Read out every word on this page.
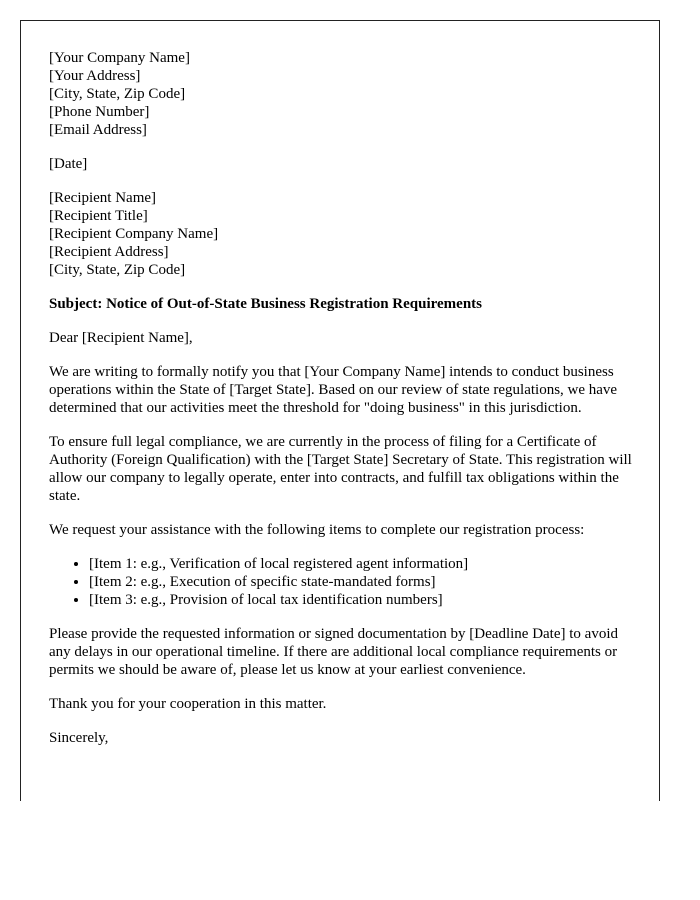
[Your Company Name]
[Your Address]
[City, State, Zip Code]
[Phone Number]
[Email Address]
[Date]
[Recipient Name]
[Recipient Title]
[Recipient Company Name]
[Recipient Address]
[City, State, Zip Code]
Subject: Notice of Out-of-State Business Registration Requirements

Dear [Recipient Name],

We are writing to formally notify you that [Your Company Name] intends to conduct business operations within the State of [Target State]. Based on our review of state regulations, we have determined that our activities meet the threshold for "doing business" in this jurisdiction.

To ensure full legal compliance, we are currently in the process of filing for a Certificate of Authority (Foreign Qualification) with the [Target State] Secretary of State. This registration will allow our company to legally operate, enter into contracts, and fulfill tax obligations within the state.

We request your assistance with the following items to complete our registration process:

• [Item 1: e.g., Verification of local registered agent information]
• [Item 2: e.g., Execution of specific state-mandated forms]
• [Item 3: e.g., Provision of local tax identification numbers]

Please provide the requested information or signed documentation by [Deadline Date] to avoid any delays in our operational timeline. If there are additional local compliance requirements or permits we should be aware of, please let us know at your earliest convenience.

Thank you for your cooperation in this matter.

Sincerely,
